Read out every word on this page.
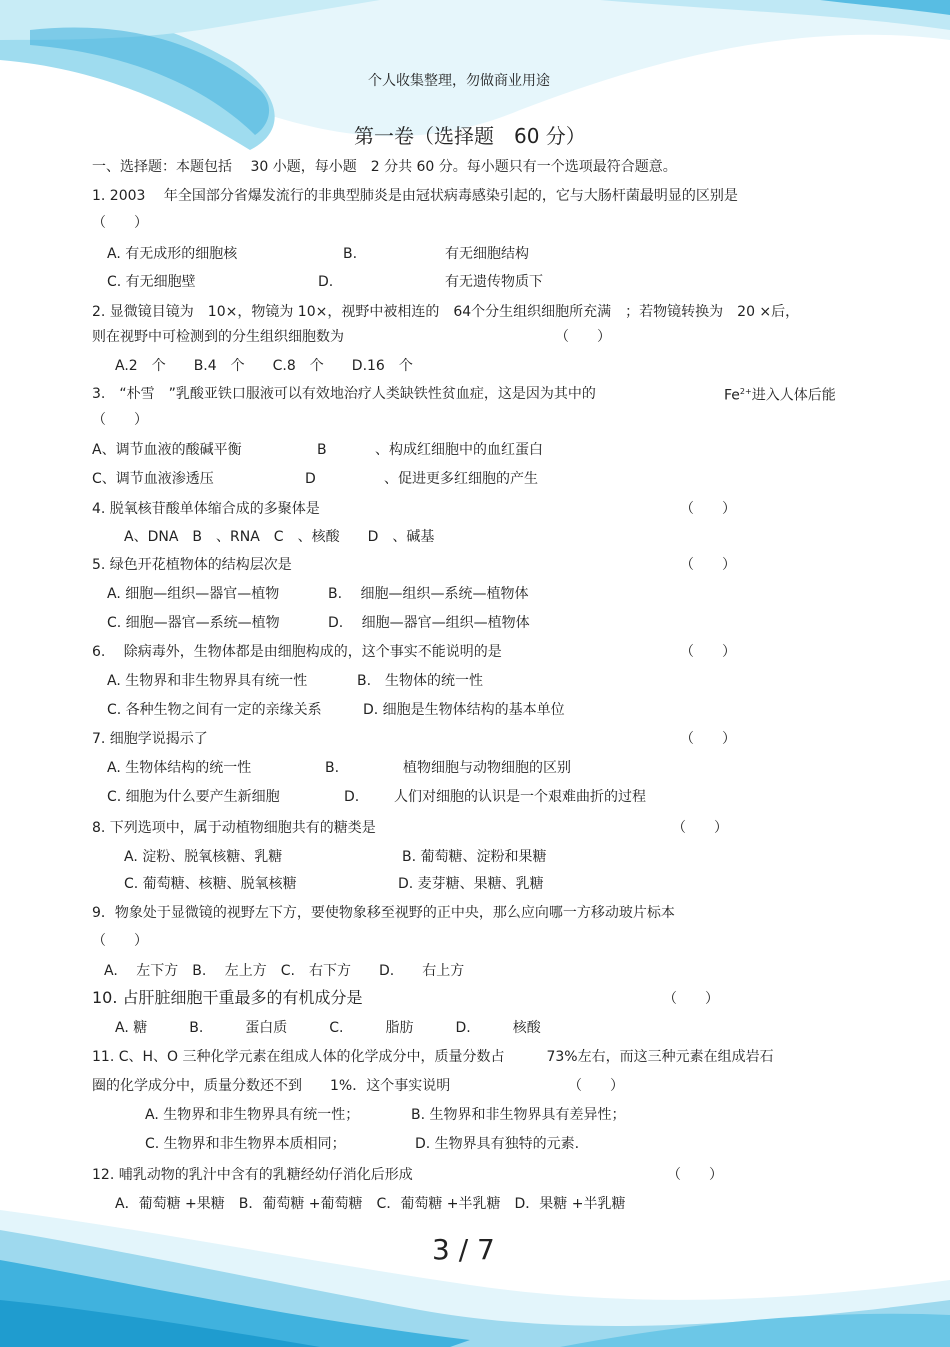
个人收集整理，勿做商业用途
第一卷（选择题　60 分）
一、选择题：本题包括　 30 小题，每小题　2 分共 60 分。每小题只有一个选项最符合题意。
1. 2003　 年全国部分省爆发流行的非典型肺炎是由冠状病毒感染引起的，它与大肠杆菌最明显的区别是
（　　）
A. 有无成形的细胞核	B.	有无细胞结构
C. 有无细胞壁	D.	有无遗传物质下
2. 显微镜目镜为　10×，物镜为 10×，视野中被相连的　64个分生组织细胞所充满　；若物镜转换为　20 ×后，
则在视野中可检测到的分生组织细胞数为	（　　）
A.2　个　　B.4　个　　C.8　个　　D.16　个
3.　“朴雪　”乳酸亚铁口服液可以有效地治疗人类缺铁性贫血症，这是因为其中的	$Fe^{2+}$进入人体后能
（　　）
A、调节血液的酸碱平衡	B	、构成红细胞中的血红蛋白
C、调节血液渗透压	D	、促进更多红细胞的产生
4. 脱氧核苷酸单体缩合成的多聚体是	（　　）
A、DNA　B　、RNA　C　、核酸　　D　、碱基
5. 绿色开花植物体的结构层次是	（　　）
A. 细胞—组织—器官—植物	B.　 细胞—组织—系统—植物体
C. 细胞—器官—系统—植物	D.　 细胞—器官—组织—植物体
6.　 除病毒外，生物体都是由细胞构成的，这个事实不能说明的是	（　　）
A. 生物界和非生物界具有统一性	B.　生物体的统一性
C. 各种生物之间有一定的亲缘关系	D. 细胞是生物体结构的基本单位
7. 细胞学说揭示了	（　　）
A. 生物体结构的统一性	B.	植物细胞与动物细胞的区别
C. 细胞为什么要产生新细胞	D. 人们对细胞的认识是一个艰难曲折的过程
8. 下列选项中，属于动植物细胞共有的糖类是	（　　）
A. 淀粉、脱氧核糖、乳糖	B. 葡萄糖、淀粉和果糖
C. 葡萄糖、核糖、脱氧核糖	D. 麦芽糖、果糖、乳糖
9．物象处于显微镜的视野左下方，要使物象移至视野的正中央，那么应向哪一方移动玻片标本
（　　）
A.　 左下方　B.　 左上方　C.　右下方　　D.　　右上方
10. 占肝脏细胞干重最多的有机成分是	（　　）
A. 糖　　　B.　　　蛋白质　　　C.　　　脂肪　　　D.　　　核酸
11. C、H、O 三种化学元素在组成人体的化学成分中，质量分数占　　　73%左右，而这三种元素在组成岩石
圈的化学成分中，质量分数还不到　　1%．这个事实说明	（　　）
A. 生物界和非生物界具有统一性；	B. 生物界和非生物界具有差异性；
C. 生物界和非生物界本质相同；	D. 生物界具有独特的元素.
12. 哺乳动物的乳汁中含有的乳糖经幼仔消化后形成	（　　）
A．葡萄糖 +果糖　B．葡萄糖 +葡萄糖　C．葡萄糖 +半乳糖　D．果糖 +半乳糖
3 / 7
